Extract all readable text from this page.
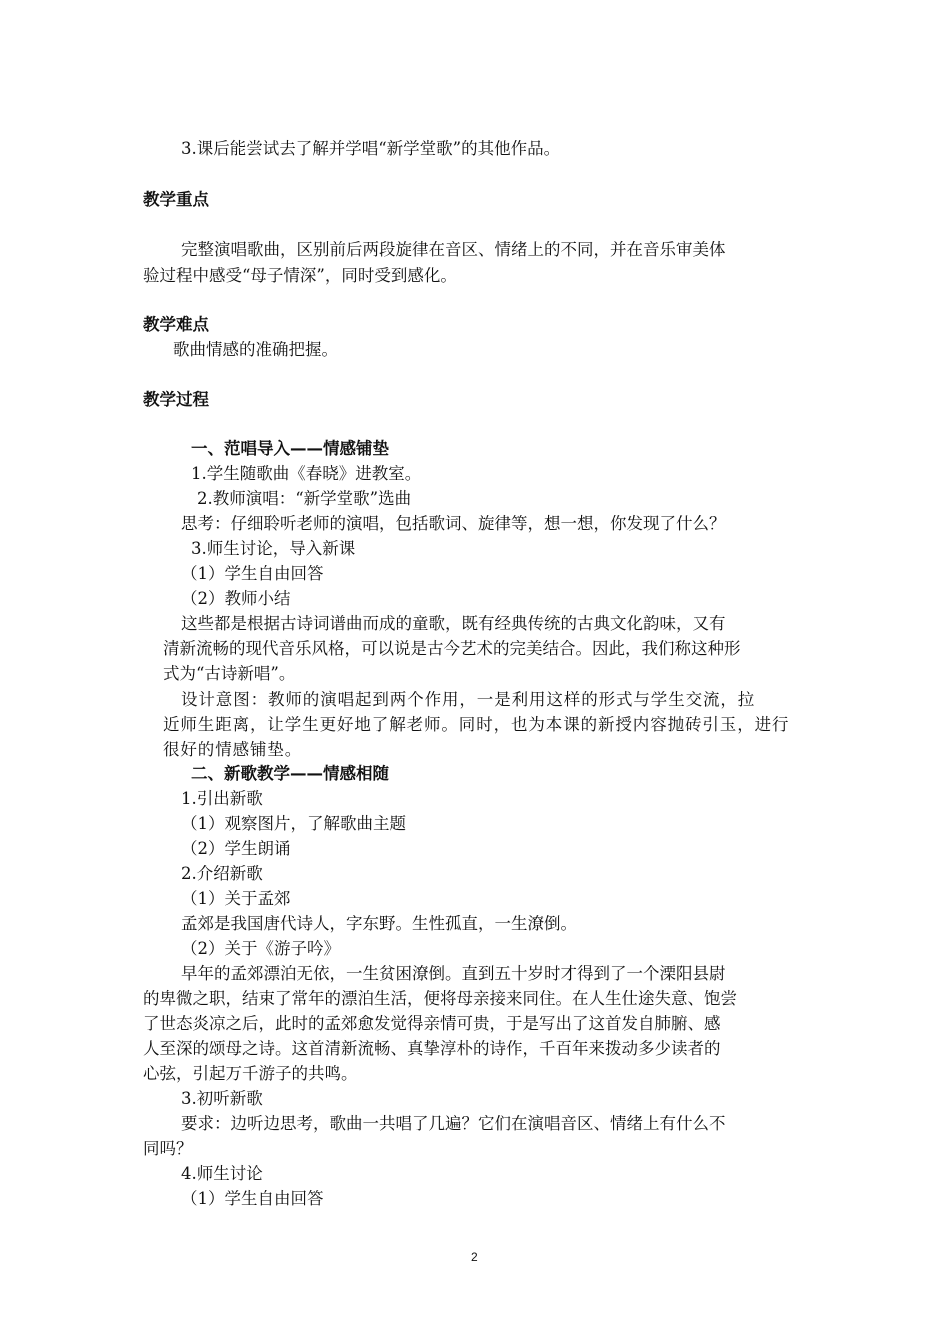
3.课后能尝试去了解并学唱“新学堂歌”的其他作品。
教学重点
完整演唱歌曲，区别前后两段旋律在音区、情绪上的不同，并在音乐审美体
验过程中感受“母子情深”，同时受到感化。
教学难点
歌曲情感的准确把握。
教学过程
一、范唱导入——情感铺垫
1.学生随歌曲《春晓》进教室。
2.教师演唱：“新学堂歌”选曲
思考：仔细聆听老师的演唱，包括歌词、旋律等，想一想，你发现了什么？
3.师生讨论，导入新课
（1）学生自由回答
（2）教师小结
这些都是根据古诗词谱曲而成的童歌，既有经典传统的古典文化韵味，又有
清新流畅的现代音乐风格，可以说是古今艺术的完美结合。因此，我们称这种形
式为“古诗新唱”。
设计意图：教师的演唱起到两个作用，一是利用这样的形式与学生交流，拉
近师生距离，让学生更好地了解老师。同时，也为本课的新授内容抛砖引玉，进行
很好的情感铺垫。
二、新歌教学——情感相随
1.引出新歌
（1）观察图片，了解歌曲主题
（2）学生朗诵
2.介绍新歌
（1）关于孟郊
孟郊是我国唐代诗人，字东野。生性孤直，一生潦倒。
（2）关于《游子吟》
早年的孟郊漂泊无依，一生贫困潦倒。直到五十岁时才得到了一个溧阳县尉
的卑微之职，结束了常年的漂泊生活，便将母亲接来同住。在人生仕途失意、饱尝
了世态炎凉之后，此时的孟郊愈发觉得亲情可贵，于是写出了这首发自肺腑、感
人至深的颂母之诗。这首清新流畅、真挚淳朴的诗作，千百年来拨动多少读者的
心弦，引起万千游子的共鸣。
3.初听新歌
要求：边听边思考，歌曲一共唱了几遍？它们在演唱音区、情绪上有什么不
同吗？
4.师生讨论
（1）学生自由回答
2
